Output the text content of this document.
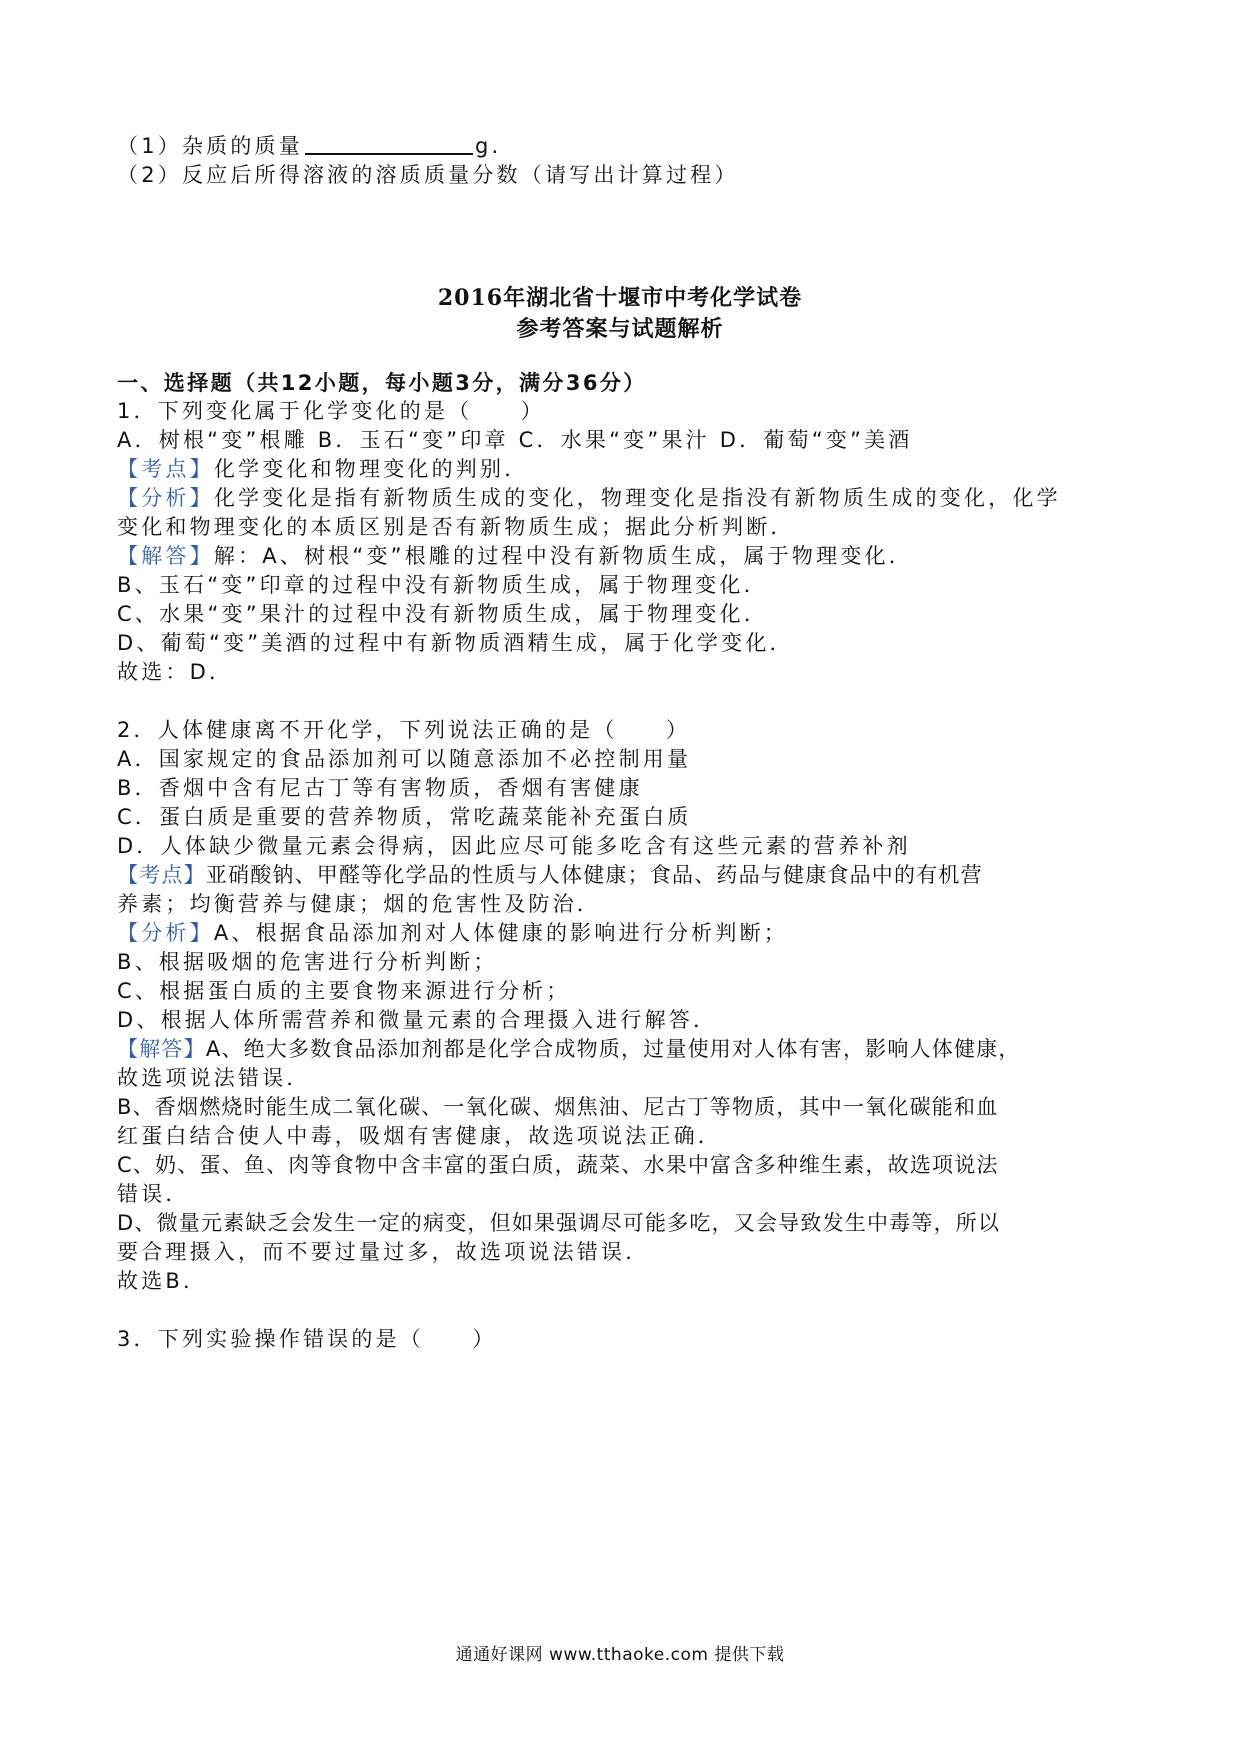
（1）杂质的质量	g.
（2）反应后所得溶液的溶质质量分数（请写出计算过程）
2016年湖北省十堰市中考化学试卷
参考答案与试题解析
一、选择题（共12小题，每小题3分，满分36分）
1．下列变化属于化学变化的是（　　）
A．树根“变”根雕 B．玉石“变”印章 C．水果“变”果汁 D．葡萄“变”美酒
【考点】化学变化和物理变化的判别．
【分析】化学变化是指有新物质生成的变化，物理变化是指没有新物质生成的变化，化学
变化和物理变化的本质区别是否有新物质生成；据此分析判断．
【解答】解：A、树根“变”根雕的过程中没有新物质生成，属于物理变化．
B、玉石“变”印章的过程中没有新物质生成，属于物理变化．
C、水果“变”果汁的过程中没有新物质生成，属于物理变化．
D、葡萄“变”美酒的过程中有新物质酒精生成，属于化学变化．
故选：D．
2．人体健康离不开化学，下列说法正确的是（　　）
A．国家规定的食品添加剂可以随意添加不必控制用量
B．香烟中含有尼古丁等有害物质，香烟有害健康
C．蛋白质是重要的营养物质，常吃蔬菜能补充蛋白质
D．人体缺少微量元素会得病，因此应尽可能多吃含有这些元素的营养补剂
【考点】亚硝酸钠、甲醛等化学品的性质与人体健康；食品、药品与健康食品中的有机营
养素；均衡营养与健康；烟的危害性及防治．
【分析】A、根据食品添加剂对人体健康的影响进行分析判断；
B、根据吸烟的危害进行分析判断；
C、根据蛋白质的主要食物来源进行分析；
D、根据人体所需营养和微量元素的合理摄入进行解答．
【解答】A、绝大多数食品添加剂都是化学合成物质，过量使用对人体有害，影响人体健康，
故选项说法错误．
B、香烟燃烧时能生成二氧化碳、一氧化碳、烟焦油、尼古丁等物质，其中一氧化碳能和血
红蛋白结合使人中毒，吸烟有害健康，故选项说法正确．
C、奶、蛋、鱼、肉等食物中含丰富的蛋白质，蔬菜、水果中富含多种维生素，故选项说法
错误．
D、微量元素缺乏会发生一定的病变，但如果强调尽可能多吃，又会导致发生中毒等，所以
要合理摄入，而不要过量过多，故选项说法错误．
故选B．
3．下列实验操作错误的是（　　）
通通好课网 www.tthaoke.com 提供下载
